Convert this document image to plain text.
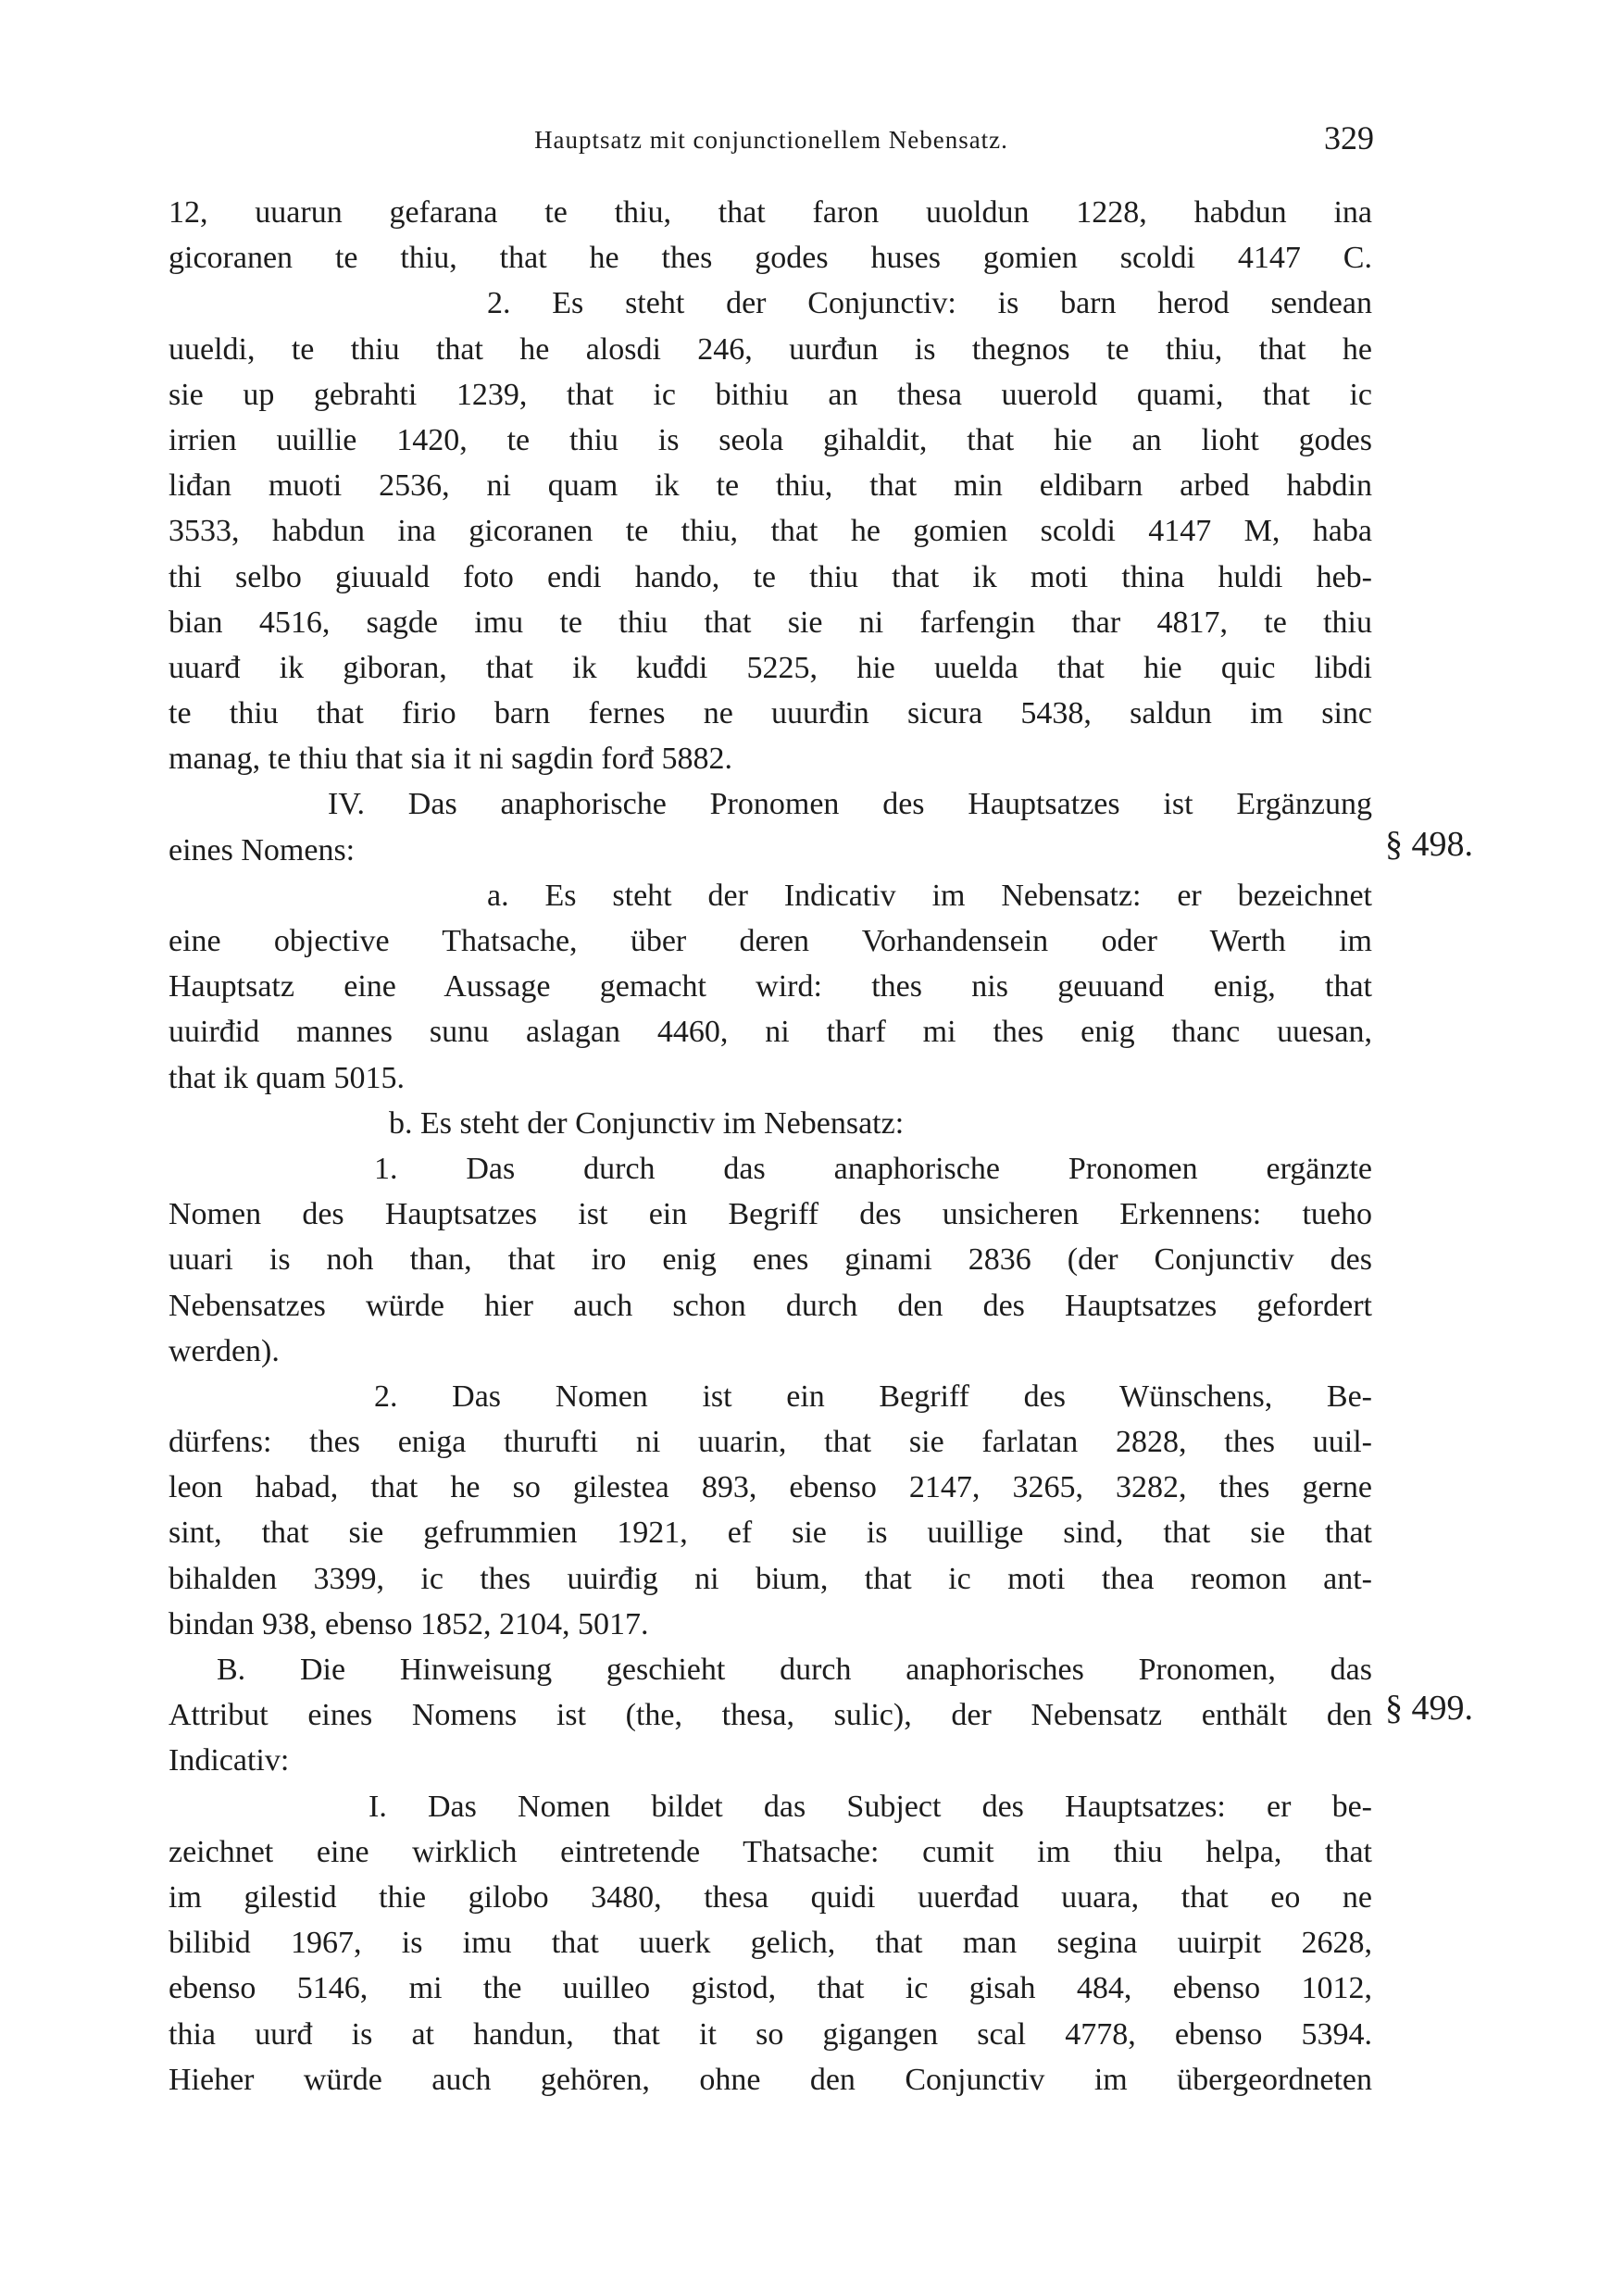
Hauptsatz mit conjunctionellem Nebensatz.	329
12, uuarun gefarana te thiu, that faron uuoldun 1228, habdun ina
gicoranen te thiu, that he thes godes huses gomien scoldi 4147 C.
2. Es steht der Conjunctiv: is barn herod sendean
uueldi, te thiu that he alosdi 246, uurđun is thegnos te thiu, that he
sie up gebrahti 1239, that ic bithiu an thesa uuerold quami, that ic
irrien uuillie 1420, te thiu is seola gihaldit, that hie an lioht godes
liđan muoti 2536, ni quam ik te thiu, that min eldibarn arbed habdin
3533, habdun ina gicoranen te thiu, that he gomien scoldi 4147 M, haba
thi selbo giuuald foto endi hando, te thiu that ik moti thina huldi heb-
bian 4516, sagde imu te thiu that sie ni farfengin thar 4817, te thiu
uuarđ ik giboran, that ik kuđdi 5225, hie uuelda that hie quic libdi
te thiu that firio barn fernes ne uuurđin sicura 5438, saldun im sinc
manag, te thiu that sia it ni sagdin forđ 5882.
IV. Das anaphorische Pronomen des Hauptsatzes ist Ergänzung
eines Nomens:
a. Es steht der Indicativ im Nebensatz: er bezeichnet
eine objective Thatsache, über deren Vorhandensein oder Werth im
Hauptsatz eine Aussage gemacht wird: thes nis geuuand enig, that
uuirđid mannes sunu aslagan 4460, ni tharf mi thes enig thanc uuesan,
that ik quam 5015.
b. Es steht der Conjunctiv im Nebensatz:
1. Das durch das anaphorische Pronomen ergänzte
Nomen des Hauptsatzes ist ein Begriff des unsicheren Erkennens: tueho
uuari is noh than, that iro enig enes ginami 2836 (der Conjunctiv des
Nebensatzes würde hier auch schon durch den des Hauptsatzes gefordert
werden).
2. Das Nomen ist ein Begriff des Wünschens, Be-
dürfens: thes eniga thurufti ni uuarin, that sie farlatan 2828, thes uuil-
leon habad, that he so gilestea 893, ebenso 2147, 3265, 3282, thes gerne
sint, that sie gefrummien 1921, ef sie is uuillige sind, that sie that
bihalden 3399, ic thes uuirđig ni bium, that ic moti thea reomon ant-
bindan 938, ebenso 1852, 2104, 5017.
B. Die Hinweisung geschieht durch anaphorisches Pronomen, das
Attribut eines Nomens ist (the, thesa, sulic), der Nebensatz enthält den
Indicativ:
I. Das Nomen bildet das Subject des Hauptsatzes: er be-
zeichnet eine wirklich eintretende Thatsache: cumit im thiu helpa, that
im gilestid thie gilobo 3480, thesa quidi uuerđad uuara, that eo ne
bilibid 1967, is imu that uuerk gelich, that man segina uuirpit 2628,
ebenso 5146, mi the uuilleo gistod, that ic gisah 484, ebenso 1012,
thia uurđ is at handun, that it so gigangen scal 4778, ebenso 5394.
Hieher würde auch gehören, ohne den Conjunctiv im übergeordneten
§ 498.
§ 499.
